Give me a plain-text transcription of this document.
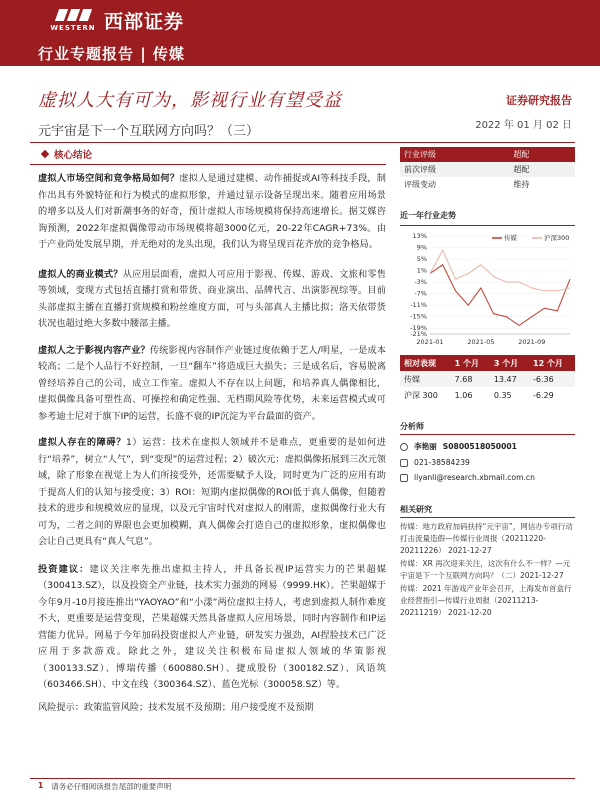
WESTERN 西部证券
行业专题报告 | 传媒
虚拟人大有可为，影视行业有望受益	证券研究报告
元宇宙是下一个互联网方向吗？（三）	2022 年 01 月 02 日
核心结论

虚拟人市场空间和竞争格局如何？虚拟人是通过建模、动作捕捉或AI等科技手段，制作出具有外貌特征和行为模式的虚拟形象，并通过显示设备呈现出来。随着应用场景的增多以及人们对新潮事务的好奇，预计虚拟人市场规模将保持高速增长。据艾媒咨询预测，2022年虚拟偶像带动市场规模将超3000亿元，20-22年CAGR+73%。由于产业尚处发展早期，并无绝对的龙头出现，我们认为将呈现百花齐放的竞争格局。

虚拟人的商业模式？从应用层面看，虚拟人可应用于影视、传媒、游戏、文旅和零售等领域，变现方式包括直播打赏和带货、商业演出、品牌代言、出演影视综等。目前头部虚拟主播在直播打赏规模和粉丝维度方面，可与头部真人主播比拟；洛天依带货状况也超过绝大多数中腰部主播。

虚拟人之于影视内容产业？传统影视内容制作产业链过度依赖于艺人/明星，一是成本较高；二是个人品行不好控制，一旦“翻车”将造成巨大损失；三是成名后，容易脱离曾经培养自己的公司，成立工作室。虚拟人不存在以上问题，和培养真人偶像相比，虚拟偶像具备可塑性高、可操控和确定性强、无档期风险等优势，未来运营模式或可参考迪士尼对于旗下IP的运营，长盛不衰的IP沉淀为平台最面的资产。

虚拟人存在的障碍？1）运营：技术在虚拟人领域并不是难点，更重要的是如何进行“培养”，树立“人气”，到“变现”的运营过程；2）破次元：虚拟偶像拓展到三次元领域，除了形象在视觉上为人们所接受外，还需要赋予人设，同时更为广泛的应用有助于提高人们的认知与接受度；3）ROI：短期内虚拟偶像的ROI低于真人偶像，但随着技术的进步和规模效应的显现，以及元宇宙时代对虚拟人的刚需，虚拟偶像行业大有可为，二者之间的界限也会更加模糊，真人偶像会打造自己的虚拟形象，虚拟偶像也会让自己更具有“真人气息”。

投资建议：建议关注率先推出虚拟主持人，并具备长视IP运营实力的芒果超媒（300413.SZ），以及投资全产业链，技术实力强劲的网易（9999.HK）。芒果超媒于今年9月-10月接连推出“YAOYAO”和“小漾”两位虚拟主持人，考虑到虚拟人制作难度不大，更重要是运营变现，芒果超媒天然具备虚拟人应用场景，同时内容制作和IP运营能力优异。网易于今年加码投资虚拟人产业链，研发实力强劲，AI捏脸技术已广泛应用于多款游戏。除此之外，建议关注积极布局虚拟人领域的华策影视（300133.SZ）、博瑞传播（600880.SH）、捷成股份（300182.SZ）、风语筑（603466.SH）、中文在线（300364.SZ）、蓝色光标（300058.SZ）等。

风险提示：政策监管风险；技术发展不及预期；用户接受度不及预期

行业评级	超配
前次评级	超配
评级变动	维持
近一年行业走势
13%
9%
5%
1%
-3%
-7%
-11%
-15%
-19%
-21%
2021-01	2021-05	2021-09
传媒	沪深300
相对表现	1 个月	3 个月	12 个月
传媒	7.68	13.47	-6.36
沪深 300	1.06	0.35	-6.29
分析师
李艳丽 S0800518050001
021-38584239
liyanli@research.xbmail.com.cn
相关研究
传媒：地方政府加码扶持“元宇宙”，网信办专项行动打击流量造假—传媒行业周报（20211220-20211226） 2021-12-27
传媒：XR 再次迎来关注，这次有什么不一样？—元宇宙是下一个互联网方向吗？（二）2021-12-27
传媒：2021 年游戏产业年会召开，上海发布首盒行业经营指引—传媒行业周报（20211213-20211219） 2021-12-20
1 请务必仔细阅读报告尾部的重要声明
